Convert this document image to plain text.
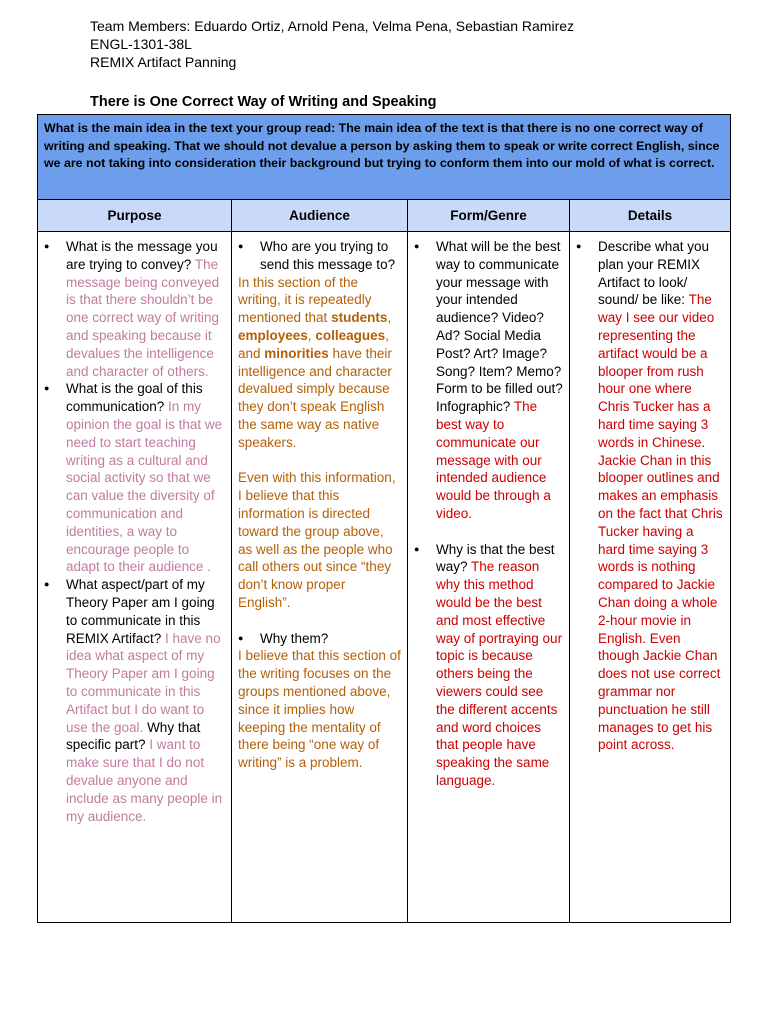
Team Members: Eduardo Ortiz, Arnold Pena, Velma Pena, Sebastian Ramirez
ENGL-1301-38L
REMIX Artifact Panning
There is One Correct Way of Writing and Speaking
What is the main idea in the text your group read: The main idea of the text is that there is no one correct way of writing and speaking. That we should not devalue a person by asking them to speak or write correct English, since we are not taking into consideration their background but trying to conform them into our mold of what is correct.
Purpose
● What is the message you are trying to convey? The message being conveyed is that there shouldn’t be one correct way of writing and speaking because it devalues the intelligence and character of others.
● What is the goal of this communication? In my opinion the goal is that we need to start teaching writing as a cultural and social activity so that we can value the diversity of communication and identities, a way to encourage people to adapt to their audience .
● What aspect/part of my Theory Paper am I going to communicate in this REMIX Artifact? I have no idea what aspect of my Theory Paper am I going to communicate in this Artifact but I do want to use the goal. Why that specific part? I want to make sure that I do not devalue anyone and include as many people in my audience.
Audience
● Who are you trying to send this message to?
In this section of the writing, it is repeatedly mentioned that students, employees, colleagues, and minorities have their intelligence and character devalued simply because they don’t speak English the same way as native speakers.
Even with this information, I believe that this information is directed toward the group above, as well as the people who call others out since “they don’t know proper English”.
● Why them?
I believe that this section of the writing focuses on the groups mentioned above, since it implies how keeping the mentality of there being “one way of writing” is a problem.
Form/Genre
● What will be the best way to communicate your message with your intended audience? Video? Ad? Social Media Post? Art? Image? Song? Item? Memo? Form to be filled out? Infographic? The best way to communicate our message with our intended audience would be through a video.
● Why is that the best way? The reason why this method would be the best and most effective way of portraying our topic is because others being the viewers could see the different accents and word choices that people have speaking the same language.
Details
● Describe what you plan your REMIX Artifact to look/ sound/ be like: The way I see our video representing the artifact would be a blooper from rush hour one where Chris Tucker has a hard time saying 3 words in Chinese. Jackie Chan in this blooper outlines and makes an emphasis on the fact that Chris Tucker having a hard time saying 3 words is nothing compared to Jackie Chan doing a whole 2-hour movie in English. Even though Jackie Chan does not use correct grammar nor punctuation he still manages to get his point across.
